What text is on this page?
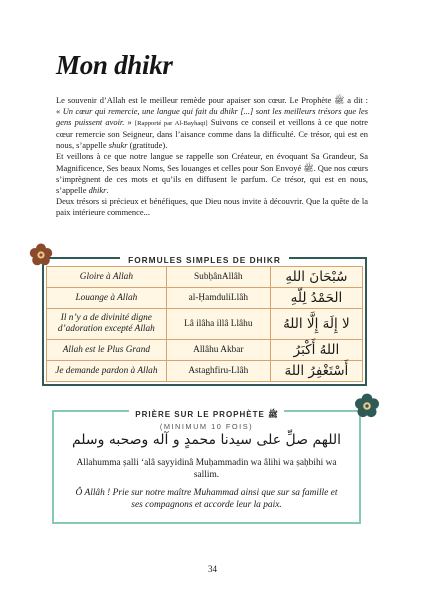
Mon dhikr

Le souvenir d’Allah est le meilleur remède pour apaiser son cœur. Le Prophète ﷺ a dit : « Un cœur qui remercie, une langue qui fait du dhikr [...] sont les meilleurs trésors que les gens puissent avoir. » [Rapporté par Al-Bayhaqi] Suivons ce conseil et veillons à ce que notre cœur remercie son Seigneur, dans l’aisance comme dans la difficulté. Ce trésor, qui est en nous, s’appelle shukr (gratitude).

Et veillons à ce que notre langue se rappelle son Créateur, en évoquant Sa Grandeur, Sa Magnificence, Ses beaux Noms, Ses louanges et celles pour Son Envoyé ﷺ. Que nos cœurs s’imprègnent de ces mots et qu’ils en diffusent le parfum. Ce trésor, qui est en nous, s’appelle dhikr.

Deux trésors si précieux et bénéfiques, que Dieu nous invite à découvrir. Que la quête de la paix intérieure commence...

FORMULES SIMPLES DE DHIKR
Gloire à Allah	SubḥânAllâh	سُبْحَانَ اللهِ
Louange à Allah	al-ḤamduliLlâh	الحَمْدُ لِلّهِ
Il n’y a de divinité digne d’adoration excepté Allah	Lâ ilâha illâ Llâhu	لا إِلَهَ إِلَّا اللهُ
Allah est le Plus Grand	Allâhu Akbar	اللهُ أَكْبَرُ
Je demande pardon à Allah	Astaghfiru-Llâh	أَسْتَغْفِرُ اللهَ
PRIÈRE SUR LE PROPHÈTE ﷺ
(MINIMUM 10 FOIS)
اللهم صلِّ على سيدنا محمدٍ و آله وصحبه وسلم
Allahumma ṣalli ‘alâ sayyidinâ Muḥammadin wa âlihi wa ṣaḥbihi wa sallim.
Ô Allâh ! Prie sur notre maître Muhammad ainsi que sur sa famille et ses compagnons et accorde leur la paix.
34
